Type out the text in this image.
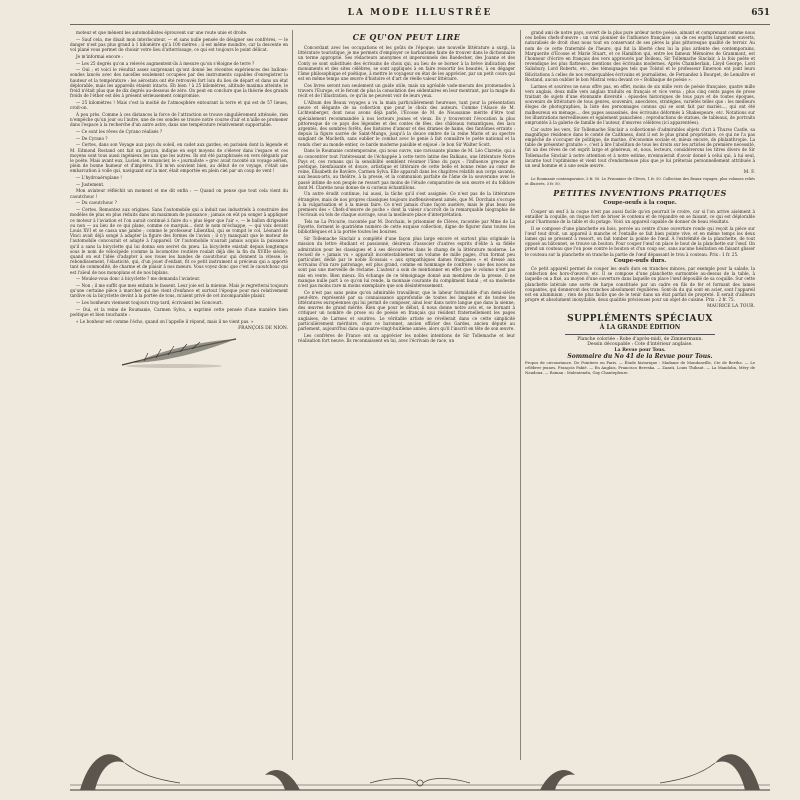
LA MODE ILLUSTRÉE	651

moteur et que mènent les automobilistes éprouvent sur une route unie et droite.

— Sauf cela, me disait mon interlocuteur, — et sans nulle pensée de désigner ses confrères, — le danger n'est pas plus grand à 1 kilomètre qu'à 100 mètres ; il est même moindre, car la descente en vol plané vous permet de choisir votre lieu d'atterrissage, ce qui est toujours le point délicat.

Je m'informai encore :

— Les 25 degrés qu'on a relevés augmentent-ils à mesure qu'on s'éloigne de terre ?

— Oui ; et voici le résultat assez surprenant qu'ont donné les récentes expériences des ballons-sondes lancés avec des nacelles seulement occupées par des instruments capables d'enregistrer la hauteur et la température : les aérostats ont été retrouvés fort loin du lieu de départ et dans un état déplorable, mais les appareils étaient intacts. Eh bien ! à 25 kilomètres, altitude maxima atteinte, le froid n'était plus que de dix degrés au-dessous de zéro. On peut en conclure que la théorie des grands froids de l'éther est dès à présent sérieusement compromise.

— 25 kilomètres ! Mais c'est la moitié de l'atmosphère entourant la terre et qui est de 57 lieues, croit-on.

À peu près. Comme à ces distances la force de l'attraction se trouve singulièrement atténuée, rien n'empêche qu'un jour ou l'autre, une de ces sondes se trouve notre course d'air et n'aille se promener dans l'espace à la recherche d'un autre astre, dans une température relativement supportable.

— Ce sont les rêves de Cyrano réalisés ?

— De Cyrano ?

— Certes, dans son Voyage aux pays du soleil, en cadet aux gardes, en parisien dont la légende et M. Edmond Rostand ont fait un garçon, indique en sept moyens de s'élever dans l'espace et ces moyens sont tous aussi ingénieux les uns que les autres. Ils ont été paraphrasés en vers élégants par le poète. Mais avant eux, Lucien, le romancier, le « journaliste » grec avait raconté un voyage aérien, plein de bonne humeur et d'imprévu. S'il m'en souvient bien, au début de ce voyage, c'était une embarcation à voile qui, naviguant sur la mer, était emportée en plein ciel par un coup de vent !

— L'hydroaéroplane !

— Justement.

Mon aviateur réfléchit un moment et me dit enfin : — Quand on pense que tout cela vient du caoutchouc !

— Du caoutchouc ?

— Certes. Remontez aux origines. Sans l'automobile qui a induit nos industriels à construire des modèles de plus en plus réduits dans un maximum de puissance ; jamais on eût pu songer à appliquer ce moteur à l'aviation et l'on aurait continué à faire du « plus léger que l'air », — le ballon dirigeable ou non — au lieu de ce qui plane, comme ce marquis... dont le nom m'échappe, — qui voix devant Louis XVI et se cassa une jambe ; comme le professeur Lilienthal, qui se rompit le col. Léonard de Vinci avait déjà songé à adapter la figure des formes de l'avion ; il n'y manquait que le moteur de l'automobile concourait et adapté à l'appareil. Or l'automobile n'aurait jamais acquis la puissance qu'il a sans la bicyclette qui lui donna son secret du pneu. La bicyclette existait depuis longtemps sous le nom de vélocipède (comme la locomotive routière roulait déjà dès la fin du XVIIIe siècle), quand on eut l'idée d'adapter à ses roues les bandes de caoutchouc qui donnent la vitesse, le rebondissement, l'élasticité, qui, d'un jouet d'enfant, fit ce petit instrument si précieux qui a apporté tant de commodité, de charme et de plaisir à nos mœurs. Vous voyez donc que c'est le caoutchouc qui est l'aïeul de nos monoplans et de nos biplans.

— Moulez-vous donc à bicyclette ? me demanda l'aviateur.

— Non ; il me suffit que mes enfants le fassent. Leur joie est la mienne. Mais je regretterai toujours qu'une certaine pièce à marcher qui me vient d'enfance et surtout l'époque pour moi relativement tardive où la bicyclette devint à la portée de tous, m'aient privé de cet incomparable plaisir.

— Les bonheurs viennent toujours trop tard, écrivaient les Goncourt.

— Oui, et la reine de Roumanie, Carmen Sylva, a exprimé cette pensée d'une manière bien poétique et bien touchante :

« Le bonheur est comme l'écho, quand on l'appelle il répond, mais il ne vient pas. »

FRANÇOIS DE NION.
CE QU'ON PEUT LIRE

Concordant avec les occupations et les goûts de l'époque, une nouvelle littérature a surgi, la littérature touristique, je me permets d'employer ce barbarisme faute de trouver dans le dictionnaire un terme approprié. Ses rédacteurs anonymes et impersonnels des Baedecker, des Joanne et des Conty se sont substitués des écrivains de choix qui, au lieu de se borner à la brève indication des monuments et des sites célèbres, se sont appliqués à en faire ressortir les beautés, à en dégager l'âme philosophique et poétique, à mettre le voyageur en état de les apprécier, par un petit cours qui est en même temps une œuvre d'histoire et d'art de réelle valeur littéraire.

Ces livres seront non seulement un guide utile, mais un agréable vade-mecum des promenades à travers l'Europe, et le feront de plus la consolation des sédentaires en leur montrant, par la magie du récit et de l'illustration, ce qu'ils ne peuvent voir de leurs yeux.

L'Album des Beaux voyages a vu la main particulièrement heureuse, tant pour la présentation neuve et élégante de sa collection que pour le choix des auteurs. Comme l'Alsace de M. Lichtenberger, dont nous avons déjà parlé, l'Écosse de M. de Noussanne mérite d'être tout spécialement recommandée à nos lecteurs jeunes et vieux. Ils y trouveront l'évocation la plus pittoresque de ce pays des légendes et des contes de fées, des châteaux romantiques, des lacs argentés, des sombres forêts, des histoires d'amour et des drames de haine, des fantômes errants : depuis la figure sacrée de Saint-Mungo, jusqu'à la douce ombre de la reine Marie et au spectre sanglant de Macbeth, sans oublier le combat avec le genie à fait connaître le poète national et la rendu cher au monde entier, ce barde moderne paisible et enjoué : le bon Sir Walter Scott.

Dans le Roumanie contemporaine, qui nous ouvre, une ravissante plume de M. Léo Claretie, qui a su concentrer tout l'intéressant de l'échappée à cette terre latine des Balkans, une littérature Notre Pays et, ces romans qui la sensibilité semblent résumer l'âme du pays : l'influence grecque et poétique, bienfaisante et douce, artistique et littéraire de cette belle et bonne reine au cœur de reine, Élisabeth de Bavière, Carmen Sylva. Elle apparaît dans les chapitres relatifs aux corps savants, aux beaux-arts, au théâtre, à la presse, et la communion parfaite de l'âme de la souveraine avec le passé intime de son peuple ne ressort pas moins de l'étude comparative de son œuvre et du folklore dont M. Claretie nous donne de si curieux échantillons.

Un autre érudit continue, lui aussi, la tâche qu'il s'est assignée. Ce n'est pas de la littérature étrangère, mais de nos propres classiques toujours inoffensivement aimés, que M. Dorchain s'occupe à la vulgarisation et à la mieux faire. Ce n'est jamais d'une façon austère, mais le plus beau les premiers des « Chefs-d'œuvre de poche » dont la valeur s'accroît de la remarquable biographie de l'écrivain où tels de chaque ouvrage, sous la meilleure place d'interprétation.

Tels ne La Pricurie, racontée par M. Dorchain, le prisonnier de Clèves, racontée par Mme de La Fayette, forment le quatrième numéro de cette exquise collection, digne de figurer dans toutes les bibliothèques et à la portée toutes les bourses.

Sir Tollemache Sinclair a complété d'une façon plus large encore et surtout plus originale la mission du lettre étudiant et passionné, désireux d'associer d'autres esprits d'élite à sa fidèle admiration pour les classiques et à ses découvertes dans le champ de la littérature moderne. Le recueil de « jamais vu » apparaît incontestablement un volume de mille pages, d'un format peu particulier, dédié par le noble Écossais « aux sympathiques dames françaises » et dressé aux écrivains d'un rare patronage, est plus grand, comme en hommage de confrère ; une des noces ne sont pas une merveille de réclame. L'auteur a soin de mentionner en effet que le volume n'est pas mis en vente. Bien mieux. En échange de ce témoignage donné aux membres de la presse, il ne manque nulle part à ce qu'on lui rende, la monnaie courante du compliment banal ; et sa modestie n'est pas moins rare ni moins exemplaire que son désintéressement.

Ce n'est pas sans peine qu'on admirable travailleur, que le labeur formidable d'un demi-siècle peut-être, représenté par sa connaissance approfondie de toutes les langues et de toutes les littératures européennes qui lui permit de composer, ainsi leur dans notre langue que dans la sienne, des œuvres de grand mérite. Rien que pour le début, il nous donne notre avis et, se bornant à critiquer un nombre de prose ou de poésie en français qui résident fraternellement les pages anglaises, de Larmes et sourires. Le véritable artiste se révélerait dans ce cette simplicité particulièrement méritoire, chez ce baronnet, ancien officier des Gardes, ancien député au parlement, aujourd'hui dans sa quatre-vingt-huitième année, alors qu'il l'inscrit en tête de son œuvre.

Les confrères de France ont su apprécier les nobles intentions de Sir Tollemache et leur réalisation fort neuve. Ils reconnaissent en lui, avec l'écrivain de race, un

grand ami de notre pays, ouvert de la plus pure ardeur notre poésie, aimant et comprenant comme nous ces belles chefs-d'œuvre : un vrai pionnier de l'influence française ; un de ces esprits largement ouverts, naturalisés de droit chez nous tout en conservant de ses pères la plus pittoresque qualité de terroir. Au nom de ce cette fraternité de l'heure, qui fut la liberté chez lui la plus ardente des contemporains, Marguerite d'Écosse et Marie Stuart, et ce Hamilton qui, entre les fameux Mémoires de Grammont, est l'honneur d'écrire en français des vers approuvés par Boileau, Sir Tollemache Sinclair, à la fois poète et revendique les plus flatteuses mentions des écrivains modernes. Après Chamberlain, Lloyd George, Lord Salisbury, Lord Roberts, etc., des témoignages tels que Tolstoï et le professeur Emerson ont joint leurs félicitations à celles de nos remarquables écrivains et journalistes, de Fernandez à Bourget, de Lemaître et Rostand, aucun oublier le bon Mistral venu devant ce « Bolibaque de poésie ».

Larmes et sourires ne nous offre pas, en effet, moins de six mille vers de poésie française, quatre mille vers anglais, deux mille vers anglais traduits en français et vice versa ; plus cinq cents pages de prose traitant de sujets d'une étonnante diversité : épisodes historiques de tous pays et de toutes époques, souvenirs de littérature de tous genres, souvenirs, anecdotes, stratégies, variétés telles que : les meilleurs éloges de photographies, la liste des personnages connus qui se sont fait par mariés..., qui ont été malheureux en ménage..., des papes assassinés, des écrivains déformés à Shakespeare, etc. Notations sur les illustrations merveilleuses et également panachées ; reproductions de statues, de tableaux, de portraits empruntés à la galerie de famille de l'auteur, d'œuvres célèbres (ici apparentées).

Car outre les vers, Sir Tollemache Sinclair a collectionné d'admirables objets d'art à Thurso Castle, sa magnifique résidence dans le comté de Caithness, dont il est le plus grand propriétaire, ce qui ne l'a pas empêché de s'occuper de politique, de marine, d'économie sociale et, mieux encore, de philanthropie. La table de présenter gratuite », c'est à lire l'abolition de tous les droits sur les articles de première nécessité, fut un des rêves de cet esprit large et généreux, et, nous, lecteurs, considérerons les titres divers de Sir Tollemache Sinclair à notre attention et à notre estime, m'ennuierait d'avoir donné à celui qui, à lui seul, incarne tout l'optimisme et vient tout d'endormeuse plus que je lui prêterais personnellement attribués à un seul homme et à une seule œuvre.

M. F.

Le Roumanie contemporaine, 3 fr. 50. Le Prisonnier de Clèves, 1 fr. 50. Collection des Beaux voyages, plus volumes reliés et illustrés, 3 fr. 50.

PETITES INVENTIONS PRATIQUES
Coupe-oeufs à la coque.

Couper un œuf à la coque n'est pas aussi facile qu'on pourrait le croire, car si l'on arrive aisément à entailler la coquille, on risque fort de briser le contenu et de répandre en se faisant, ce qui est déplorable pour l'harmonie de la table et du potage. Voici un appareil capable de donner de beau résultats.

Il se compose d'une planchette en bois, percée au centre d'une ouverture ronde qui reçoit la pièce sur l'œuf tout droit, un appareil à manche et l'entaille se fait bien pointe vive, et en même temps les deux lames qui se pressent à ressort, on fait tomber la pointe de l'œuf. À l'extrémité de la planchette, de tout opposé au bâtonnet, se trouve un bouton. Pour couper l'œuf on place le bout de la planchette sur l'œuf. On prend un couteau que l'on pose contre le bouton et d'un coup sec, sans aucune hésitation en faisant glisser le couteau sur la planchette on tranche la partie de l'œuf dépassant le trou à couteau. Prix : 1 fr. 25.

Coupe-oufs durs.

Ce petit appareil permet de couper les œufs durs en tranches minces, par exemple pour la salade, la confection des hors-d'œuvre, etc. Il se compose d'une planchette surmontée au-dessus de la table, à laquelle on a fixé, au moyen d'une ouverture dans laquelle on place l'œuf dépouillé de sa coquille. Sur cette planchette latérale une sorte de harpe constituée par un cadre en fils de fer et formant des lames coupantes, qui donneront des tranches absolument régulières. Sont-ils du qui sont en acier, sont l'appareil est en aluminium ; rien de plus facile que de le tenir dans un état parfait de propreté. Il serait d'ailleurs propre et absolument inoxydable, deux qualités précieuses pour un objet de cuisine. Prix : 2 fr. 75.

MAURICE LA TOUR.
SUPPLÉMENTS SPÉCIAUX
À LA GRANDE ÉDITION
Planche coloriée : Robe d'après-midi, de Zimmermann.
Dessin découpable : Cote d'intérieur anglaise.
La Revue pour Tous.
Sommaire du No 41 de la Revue pour Tous.
Propos de circonstance. De Pointiers en Paris. — Étude historique : Madame de Mondonville, Cte de Berthe. — Le célébrer jeunes, François Fabié. — En Anglais, Francisco Bereska. — Zazati, Louis Thibaut. — La Mandolin, Méry de Naudoux. — Roman : Malentendu, Guy Chantepleure.
